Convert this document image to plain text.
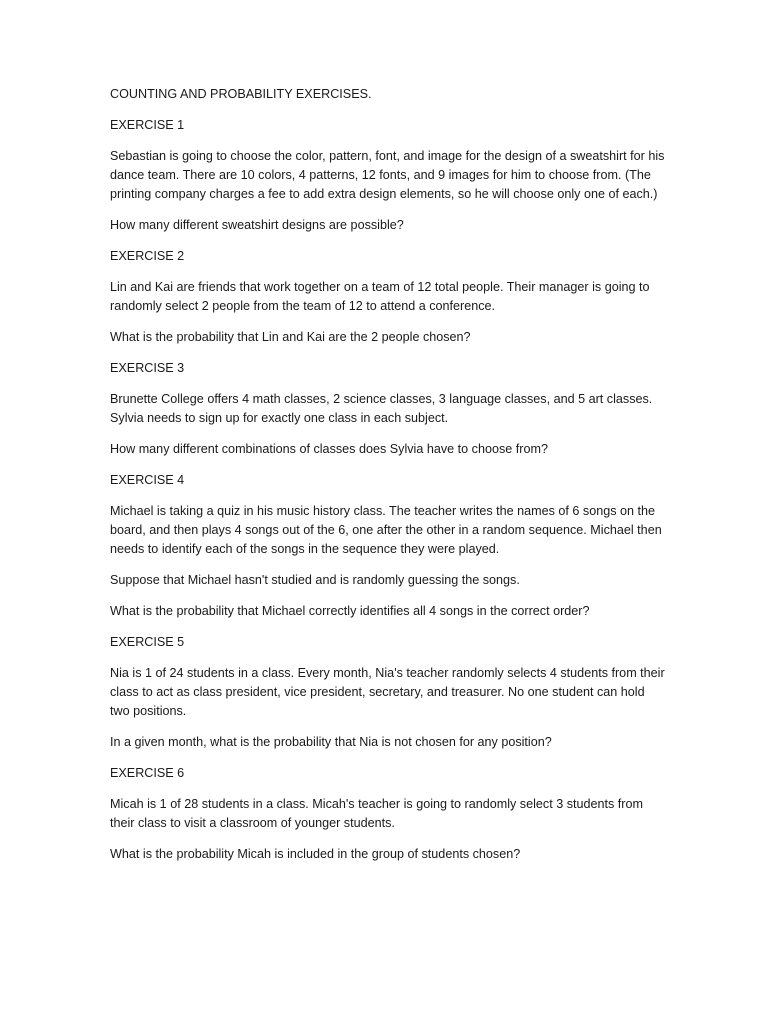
COUNTING AND PROBABILITY EXERCISES.

EXERCISE 1

Sebastian is going to choose the color, pattern, font, and image for the design of a sweatshirt for his dance team. There are 10 colors, 4 patterns, 12 fonts, and 9 images for him to choose from. (The printing company charges a fee to add extra design elements, so he will choose only one of each.)

How many different sweatshirt designs are possible?

EXERCISE 2

Lin and Kai are friends that work together on a team of 12 total people. Their manager is going to randomly select 2 people from the team of 12 to attend a conference.

What is the probability that Lin and Kai are the 2 people chosen?

EXERCISE 3

Brunette College offers 4 math classes, 2 science classes, 3 language classes, and 5 art classes. Sylvia needs to sign up for exactly one class in each subject.

How many different combinations of classes does Sylvia have to choose from?

EXERCISE 4

Michael is taking a quiz in his music history class. The teacher writes the names of 6 songs on the board, and then plays 4 songs out of the 6, one after the other in a random sequence. Michael then needs to identify each of the songs in the sequence they were played.

Suppose that Michael hasn't studied and is randomly guessing the songs.

What is the probability that Michael correctly identifies all 4 songs in the correct order?

EXERCISE 5

Nia is 1 of 24 students in a class. Every month, Nia's teacher randomly selects 4 students from their class to act as class president, vice president, secretary, and treasurer. No one student can hold two positions.

In a given month, what is the probability that Nia is not chosen for any position?

EXERCISE 6

Micah is 1 of 28 students in a class. Micah's teacher is going to randomly select 3 students from their class to visit a classroom of younger students.

What is the probability Micah is included in the group of students chosen?
